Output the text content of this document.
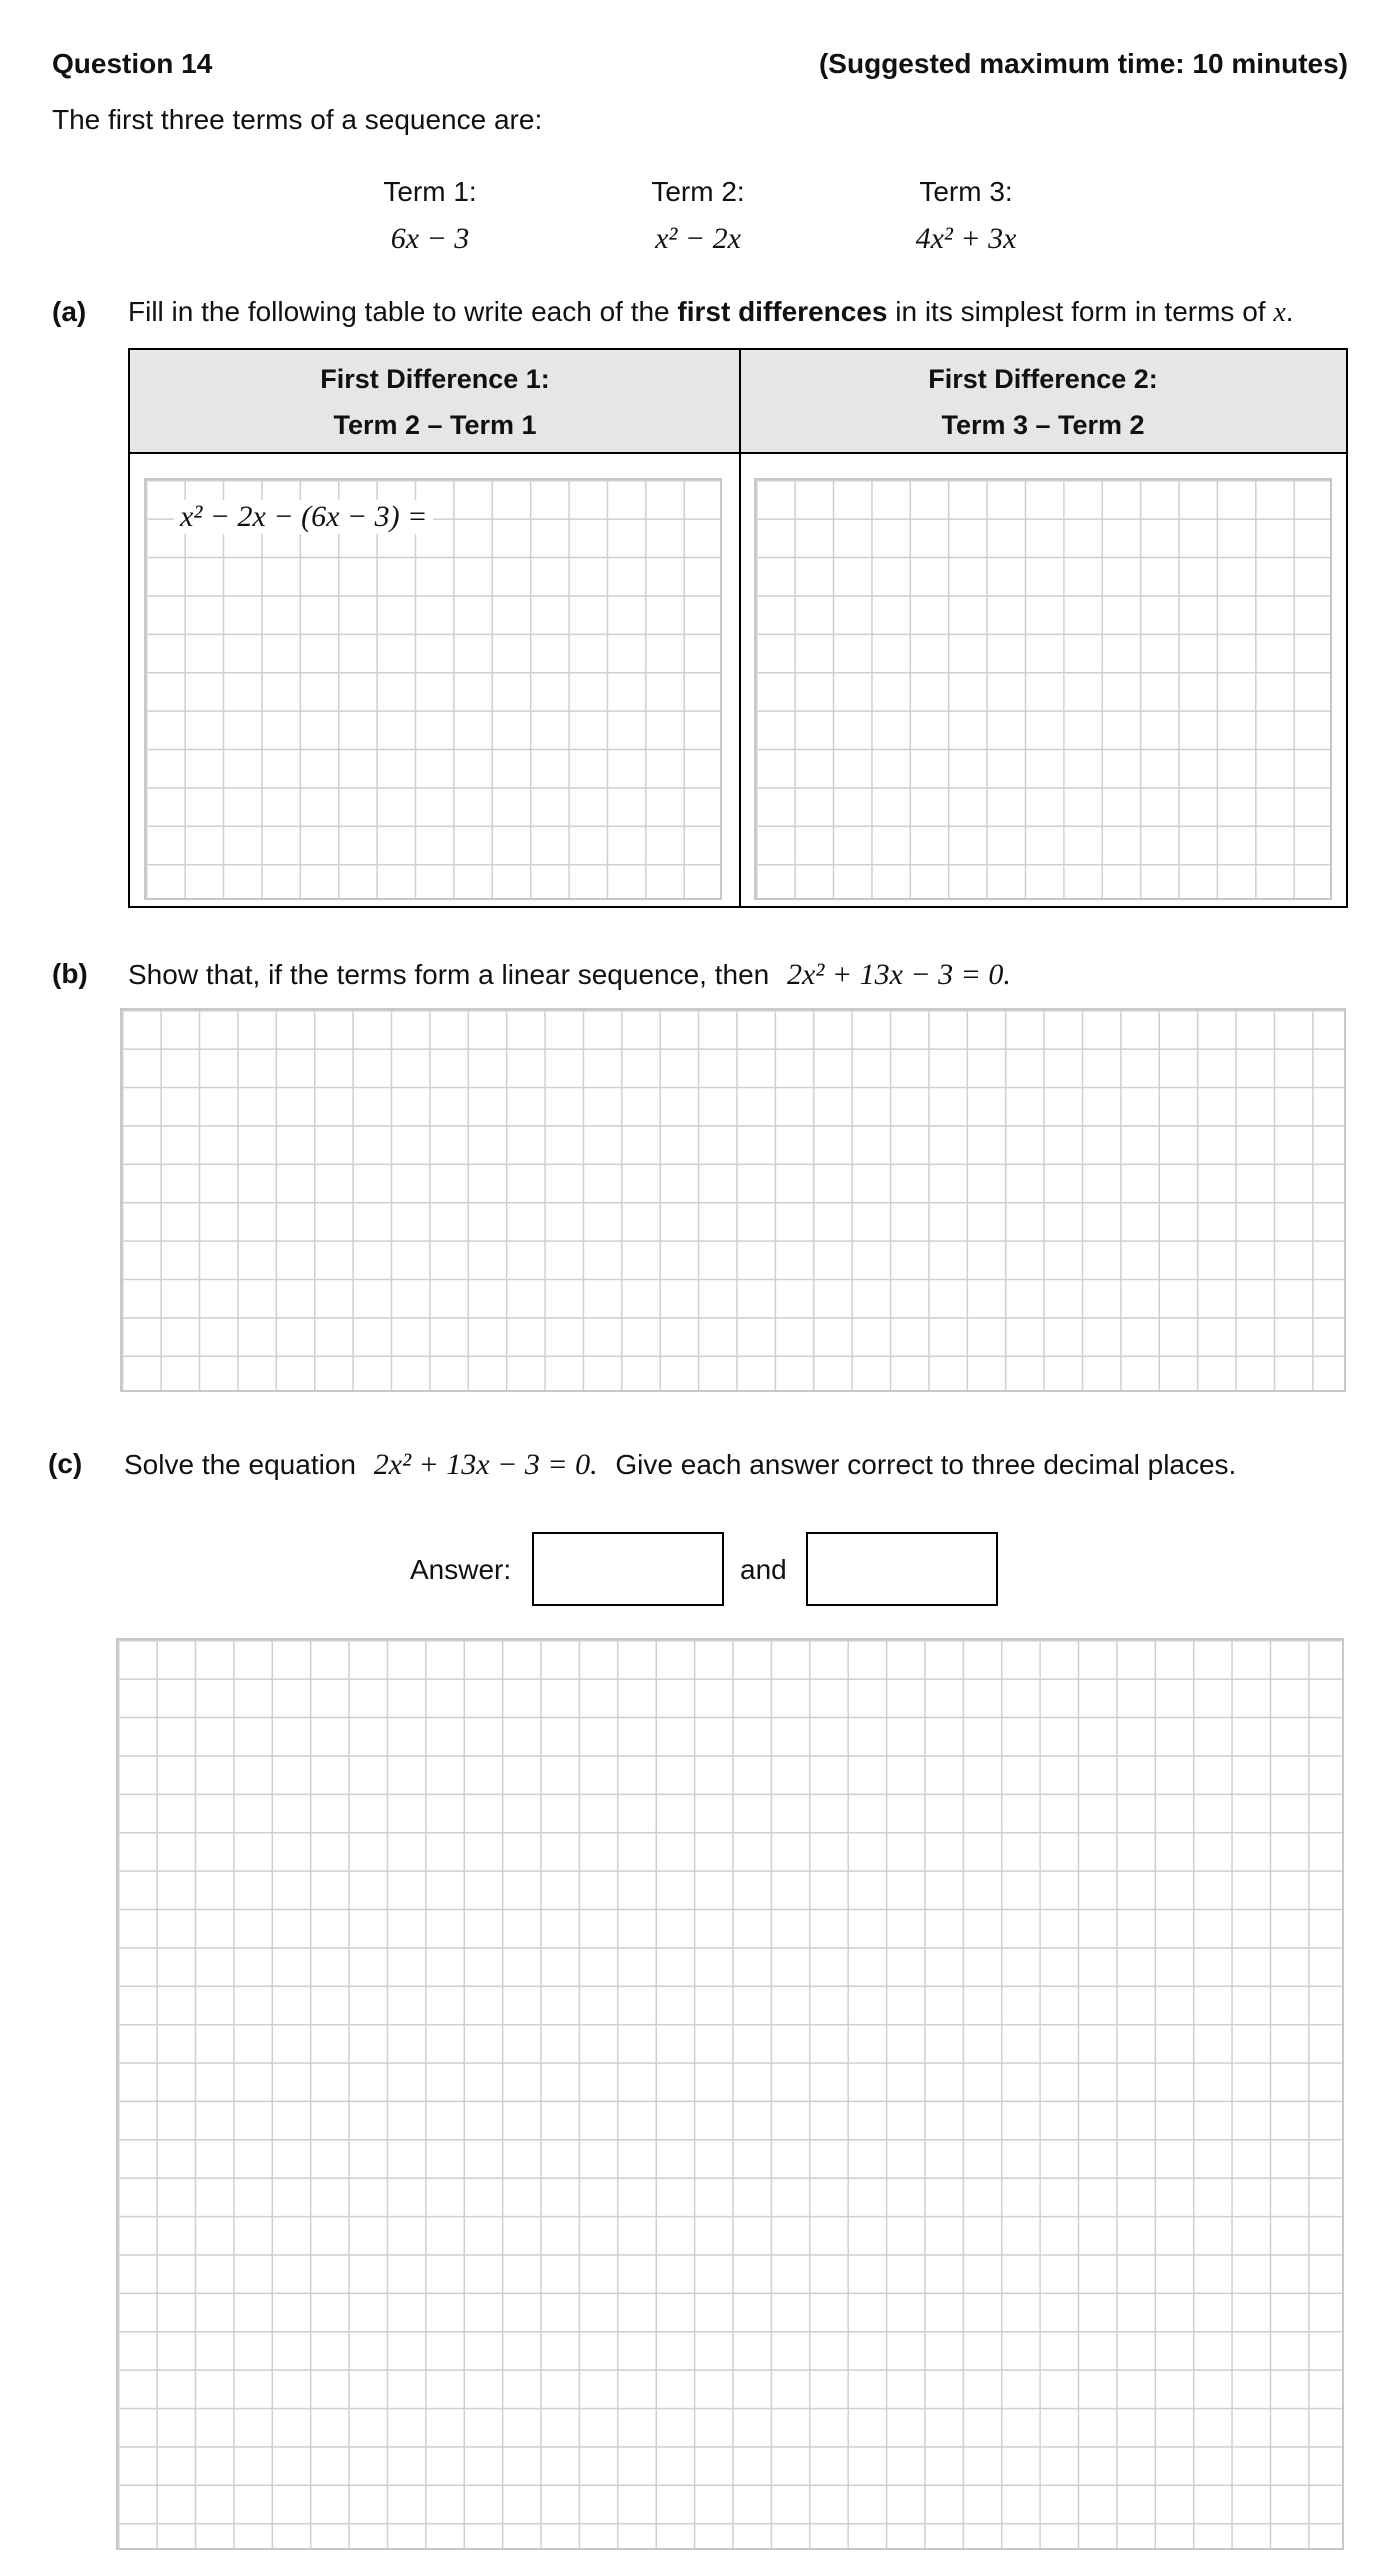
Question 14	(Suggested maximum time: 10 minutes)
The first three terms of a sequence are:
Term 1:
6x − 3
Term 2:
x² − 2x
Term 3:
4x² + 3x
(a) Fill in the following table to write each of the first differences in its simplest form in terms of x.
First Difference 1:
Term 2 – Term 1
First Difference 2:
Term 3 – Term 2
x² − 2x − (6x − 3) =
(b) Show that, if the terms form a linear sequence, then 2x² + 13x − 3 = 0.
(c) Solve the equation 2x² + 13x − 3 = 0. Give each answer correct to three decimal places.
Answer:	and
